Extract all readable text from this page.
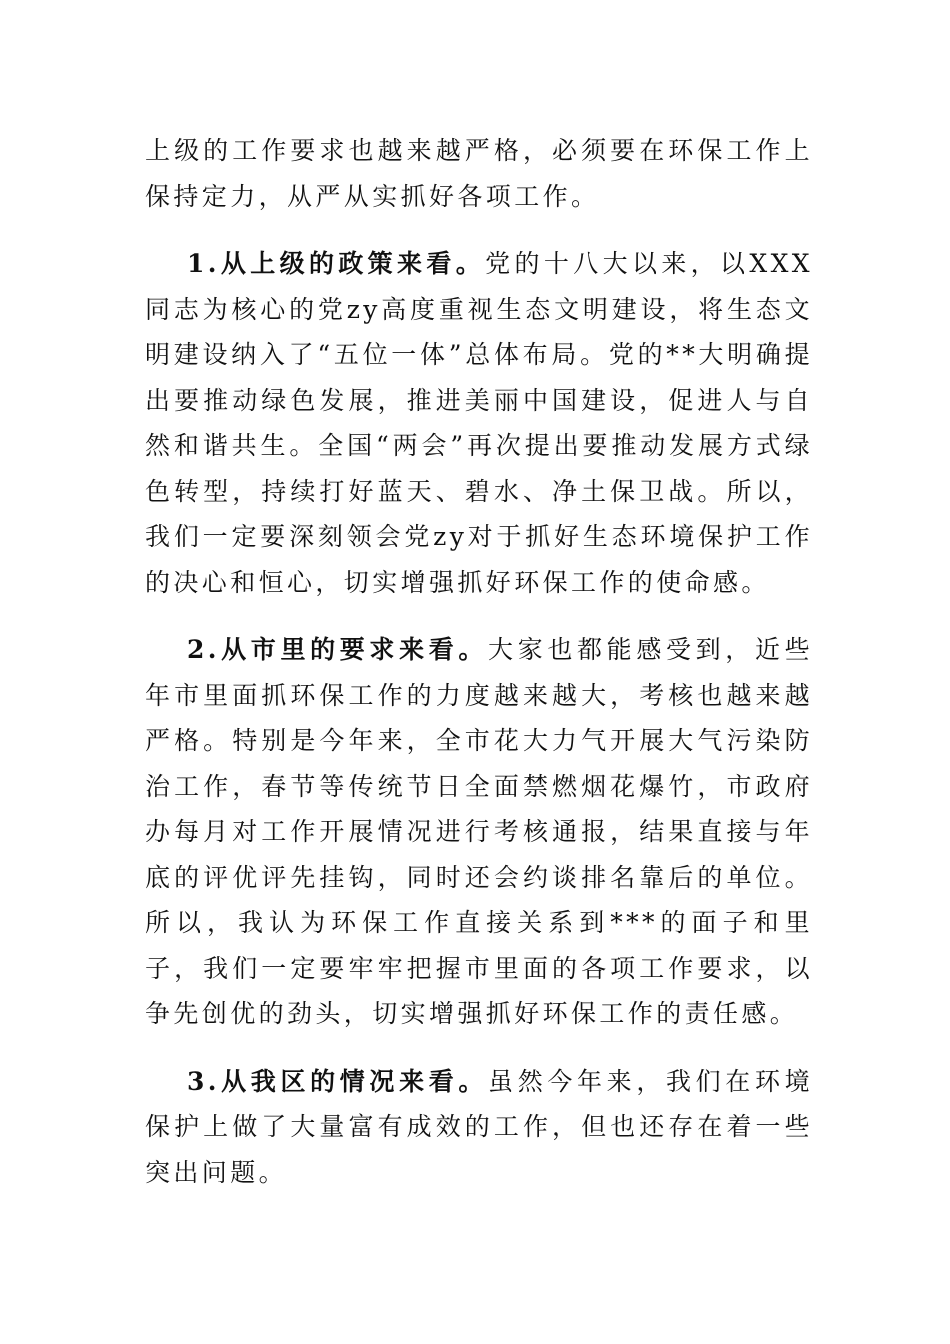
上级的工作要求也越来越严格，必须要在环保工作上保持定力，从严从实抓好各项工作。

1.从上级的政策来看。党的十八大以来，以XXX同志为核心的党zy高度重视生态文明建设，将生态文明建设纳入了“五位一体”总体布局。党的**大明确提出要推动绿色发展，推进美丽中国建设，促进人与自然和谐共生。全国“两会”再次提出要推动发展方式绿色转型，持续打好蓝天、碧水、净土保卫战。所以，我们一定要深刻领会党zy对于抓好生态环境保护工作的决心和恒心，切实增强抓好环保工作的使命感。

2.从市里的要求来看。大家也都能感受到，近些年市里面抓环保工作的力度越来越大，考核也越来越严格。特别是今年来，全市花大力气开展大气污染防治工作，春节等传统节日全面禁燃烟花爆竹，市政府办每月对工作开展情况进行考核通报，结果直接与年底的评优评先挂钩，同时还会约谈排名靠后的单位。所以，我认为环保工作直接关系到***的面子和里子，我们一定要牢牢把握市里面的各项工作要求，以争先创优的劲头，切实增强抓好环保工作的责任感。

3.从我区的情况来看。虽然今年来，我们在环境保护上做了大量富有成效的工作，但也还存在着一些突出问题。
